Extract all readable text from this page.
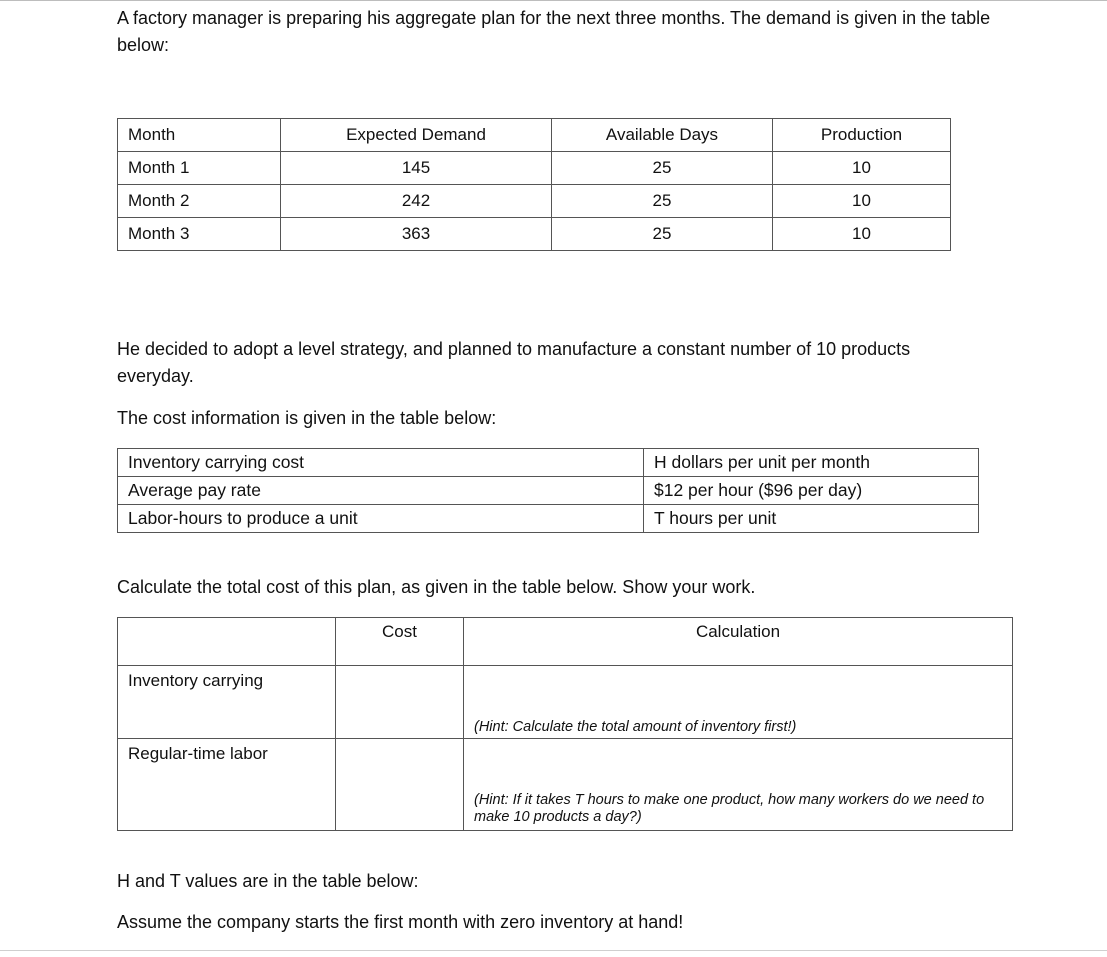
A factory manager is preparing his aggregate plan for the next three months. The demand is given in the table below:

Month	Expected Demand	Available Days	Production
Month 1	145	25	10
Month 2	242	25	10
Month 3	363	25	10

He decided to adopt a level strategy, and planned to manufacture a constant number of 10 products everyday.

The cost information is given in the table below:

Inventory carrying cost	H dollars per unit per month
Average pay rate	$12 per hour ($96 per day)
Labor-hours to produce a unit	T hours per unit

Calculate the total cost of this plan, as given in the table below. Show your work.

	Cost	Calculation
Inventory carrying		(Hint: Calculate the total amount of inventory first!)

Regular-time labor		(Hint: If it takes T hours to make one product, how many workers do we need to make 10 products a day?)

H and T values are in the table below:

Assume the company starts the first month with zero inventory at hand!
